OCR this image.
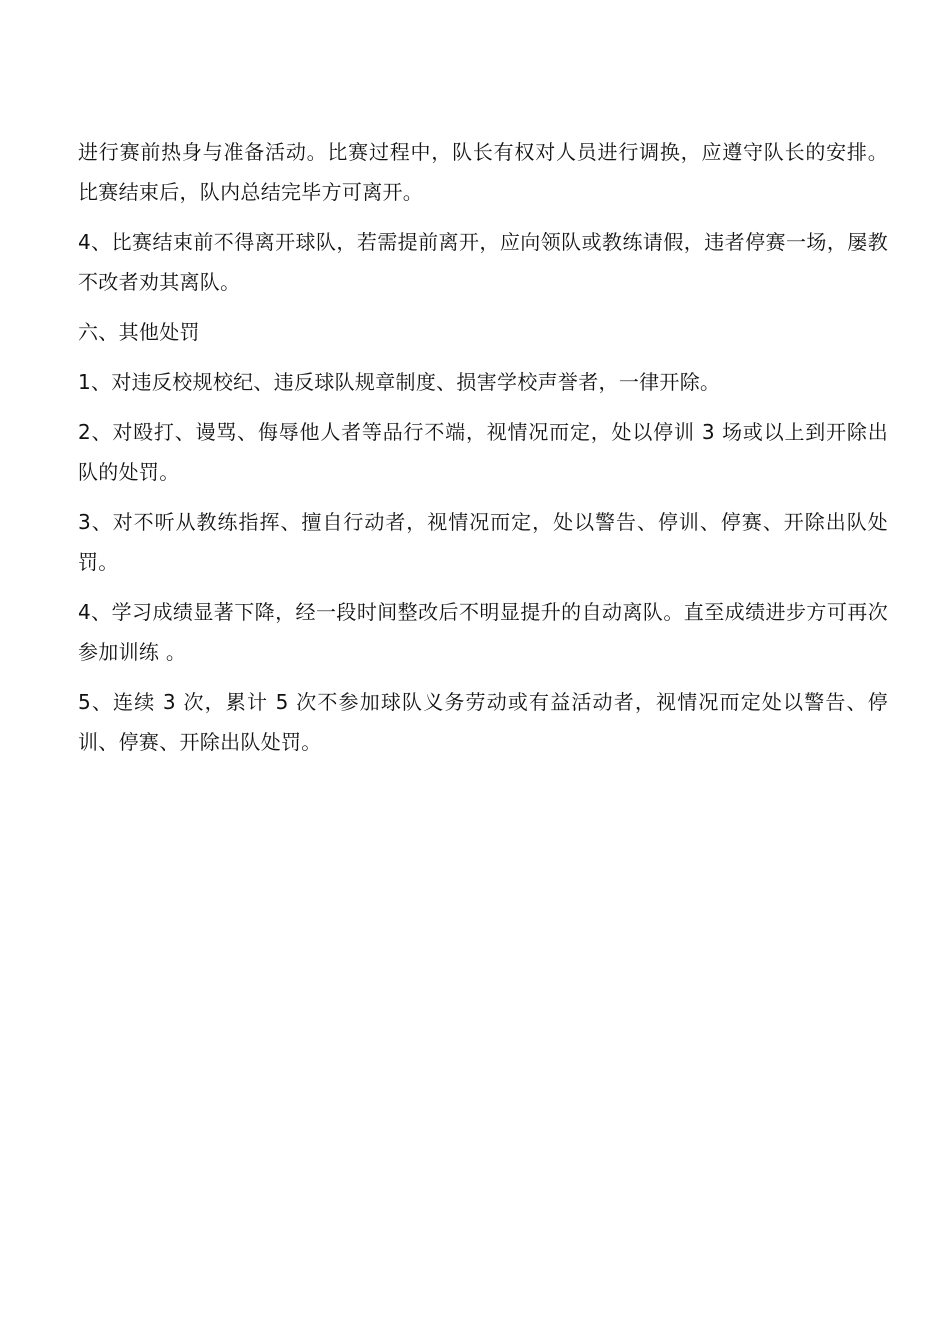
进行赛前热身与准备活动。比赛过程中，队长有权对人员进行调换，应遵守队长的安排。比赛结束后，队内总结完毕方可离开。

4、比赛结束前不得离开球队，若需提前离开，应向领队或教练请假，违者停赛一场，屡教不改者劝其离队。

六、其他处罚

1、对违反校规校纪、违反球队规章制度、损害学校声誉者，一律开除。

2、对殴打、谩骂、侮辱他人者等品行不端，视情况而定，处以停训 3 场或以上到开除出队的处罚。

3、对不听从教练指挥、擅自行动者，视情况而定，处以警告、停训、停赛、开除出队处罚。

4、学习成绩显著下降，经一段时间整改后不明显提升的自动离队。直至成绩进步方可再次参加训练 。

5、连续 3 次，累计 5 次不参加球队义务劳动或有益活动者，视情况而定处以警告、停训、停赛、开除出队处罚。
